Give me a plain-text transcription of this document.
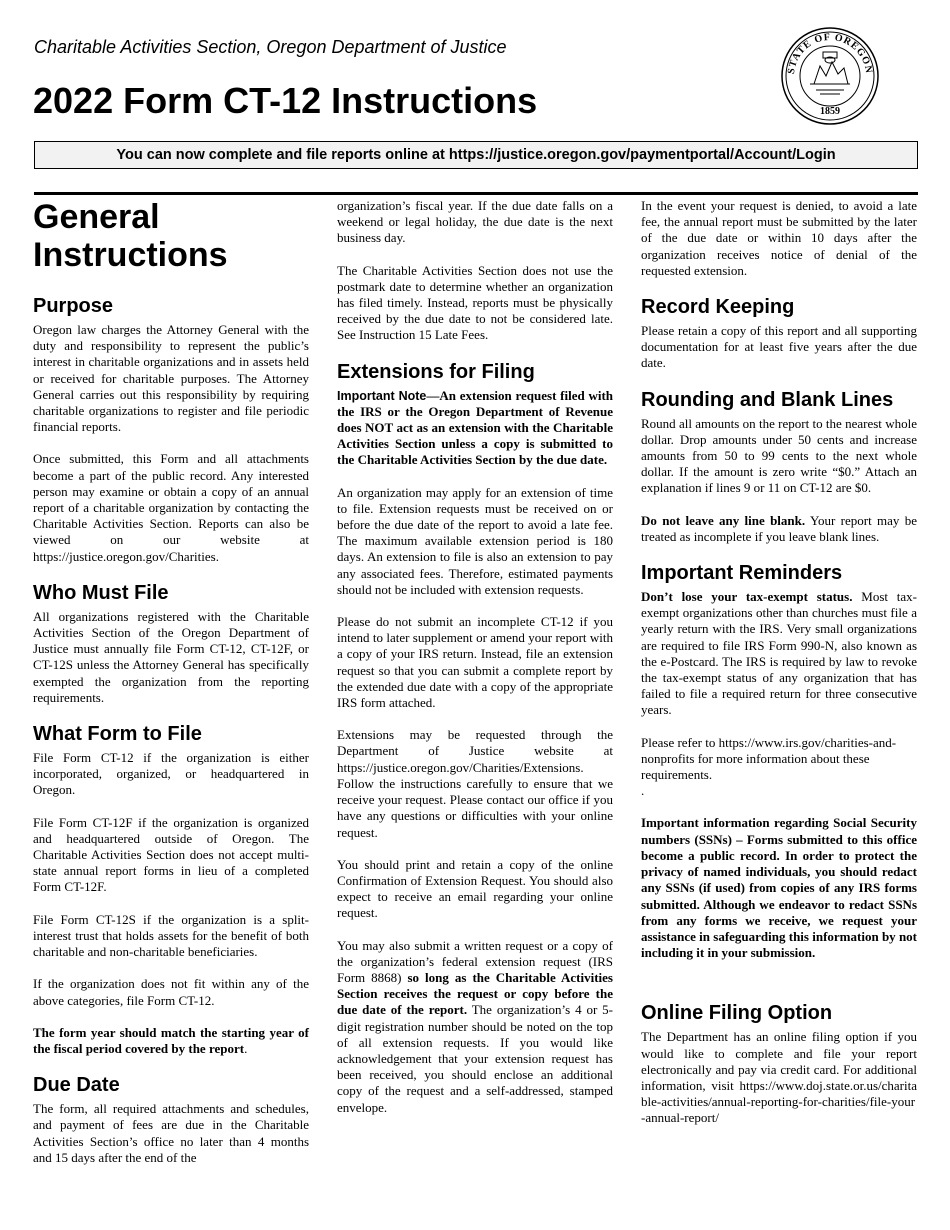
Charitable Activities Section, Oregon Department of Justice
2022 Form CT-12 Instructions
STATE OF OREGON
1859
You can now complete and file reports online at https://justice.oregon.gov/paymentportal/Account/Login
General Instructions
Purpose

Oregon law charges the Attorney General with the duty and responsibility to represent the public’s interest in charitable organizations and in assets held or received for charitable purposes. The Attorney General carries out this responsibility by requiring charitable organizations to register and file periodic financial reports.

Once submitted, this Form and all attachments become a part of the public record. Any interested person may examine or obtain a copy of an annual report of a charitable organization by contacting the Charitable Activities Section. Reports can also be viewed on our website at https://justice.oregon.gov/Charities.

Who Must File

All organizations registered with the Charitable Activities Section of the Oregon Department of Justice must annually file Form CT-12, CT-12F, or CT-12S unless the Attorney General has specifically exempted the organization from the reporting requirements.

What Form to File

File Form CT-12 if the organization is either incorporated, organized, or headquartered in Oregon.

File Form CT-12F if the organization is organized and headquartered outside of Oregon. The Charitable Activities Section does not accept multi-state annual report forms in lieu of a completed Form CT-12F.

File Form CT-12S if the organization is a split-interest trust that holds assets for the benefit of both charitable and non-charitable beneficiaries.

If the organization does not fit within any of the above categories, file Form CT-12.

The form year should match the starting year of the fiscal period covered by the report.

Due Date

The form, all required attachments and schedules, and payment of fees are due in the Charitable Activities Section’s office no later than 4 months and 15 days after the end of the

organization’s fiscal year. If the due date falls on a weekend or legal holiday, the due date is the next business day.

The Charitable Activities Section does not use the postmark date to determine whether an organization has filed timely. Instead, reports must be physically received by the due date to not be considered late. See Instruction 15 Late Fees.

Extensions for Filing

Important Note—An extension request filed with the IRS or the Oregon Department of Revenue does NOT act as an extension with the Charitable Activities Section unless a copy is submitted to the Charitable Activities Section by the due date.

An organization may apply for an extension of time to file. Extension requests must be received on or before the due date of the report to avoid a late fee. The maximum available extension period is 180 days. An extension to file is also an extension to pay any associated fees. Therefore, estimated payments should not be included with extension requests.

Please do not submit an incomplete CT-12 if you intend to later supplement or amend your report with a copy of your IRS return. Instead, file an extension request so that you can submit a complete report by the extended due date with a copy of the appropriate IRS form attached.

Extensions may be requested through the Department of Justice website at https://justice.oregon.gov/Charities/Extensions. Follow the instructions carefully to ensure that we receive your request. Please contact our office if you have any questions or difficulties with your online request.

You should print and retain a copy of the online Confirmation of Extension Request. You should also expect to receive an email regarding your online request.

You may also submit a written request or a copy of the organization’s federal extension request (IRS Form 8868) so long as the Charitable Activities Section receives the request or copy before the due date of the report. The organization’s 4 or 5-digit registration number should be noted on the top of all extension requests. If you would like acknowledgement that your extension request has been received, you should enclose an additional copy of the request and a self-addressed, stamped envelope.

In the event your request is denied, to avoid a late fee, the annual report must be submitted by the later of the due date or within 10 days after the organization receives notice of denial of the requested extension.

Record Keeping

Please retain a copy of this report and all supporting documentation for at least five years after the due date.

Rounding and Blank Lines

Round all amounts on the report to the nearest whole dollar. Drop amounts under 50 cents and increase amounts from 50 to 99 cents to the next whole dollar. If the amount is zero write “$0.” Attach an explanation if lines 9 or 11 on CT-12 are $0.

Do not leave any line blank. Your report may be treated as incomplete if you leave blank lines.

Important Reminders

Don’t lose your tax-exempt status. Most tax-exempt organizations other than churches must file a yearly return with the IRS. Very small organizations are required to file IRS Form 990-N, also known as the e-Postcard. The IRS is required by law to revoke the tax-exempt status of any organization that has failed to file a required return for three consecutive years.

Please refer to https://www.irs.gov/charities-and-nonprofits for more information about these requirements.

.

Important information regarding Social Security numbers (SSNs) – Forms submitted to this office become a public record. In order to protect the privacy of named individuals, you should redact any SSNs (if used) from copies of any IRS forms submitted. Although we endeavor to redact SSNs from any forms we receive, we request your assistance in safeguarding this information by not including it in your submission.

Online Filing Option

The Department has an online filing option if you would like to complete and file your report electronically and pay via credit card. For additional information, visit https://www.doj.state.or.us/charitable-activities/annual-reporting-for-charities/file-your-annual-report/
